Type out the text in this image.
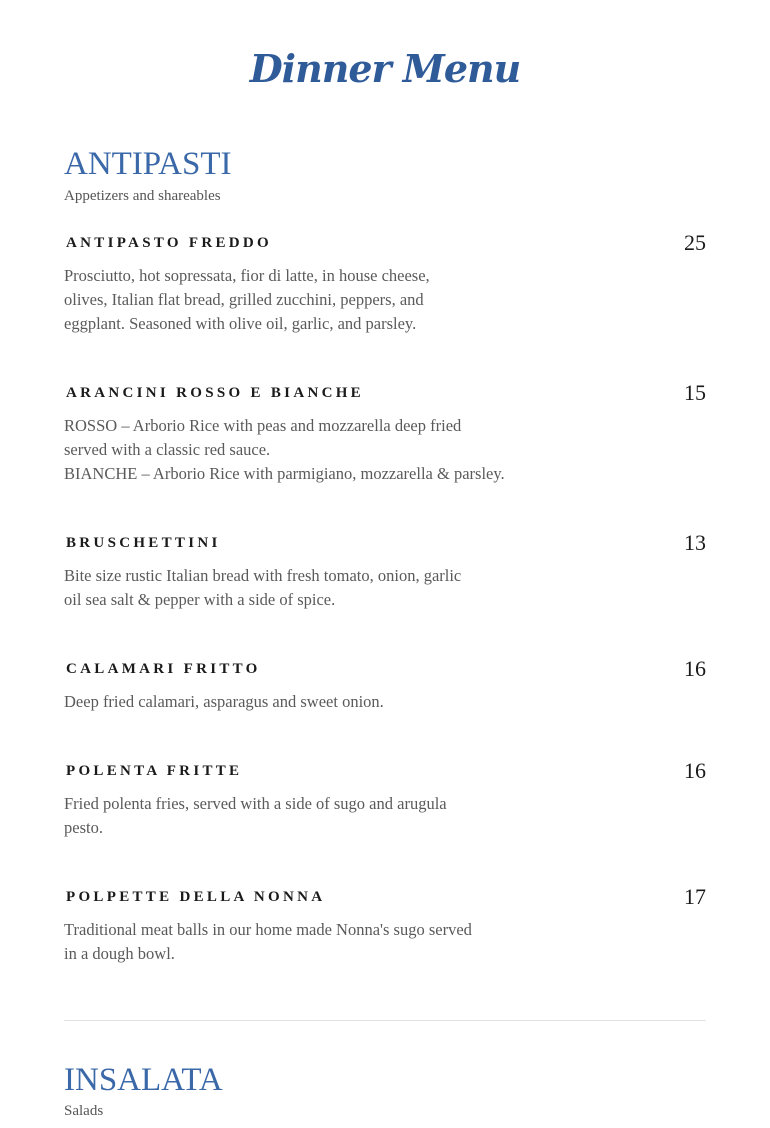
Dinner Menu
ANTIPASTI

Appetizers and shareables

ANTIPASTO FREDDO	25

Prosciutto, hot sopressata, fior di latte, in house cheese,
olives, Italian flat bread, grilled zucchini, peppers, and
eggplant. Seasoned with olive oil, garlic, and parsley.

ARANCINI ROSSO E BIANCHE	15

ROSSO – Arborio Rice with peas and mozzarella deep fried
served with a classic red sauce.
BIANCHE – Arborio Rice with parmigiano, mozzarella & parsley.

BRUSCHETTINI	13

Bite size rustic Italian bread with fresh tomato, onion, garlic
oil sea salt & pepper with a side of spice.

CALAMARI FRITTO	16

Deep fried calamari, asparagus and sweet onion.

POLENTA FRITTE	16

Fried polenta fries, served with a side of sugo and arugula
pesto.

POLPETTE DELLA NONNA	17

Traditional meat balls in our home made Nonna's sugo served
in a dough bowl.

INSALATA

Salads
